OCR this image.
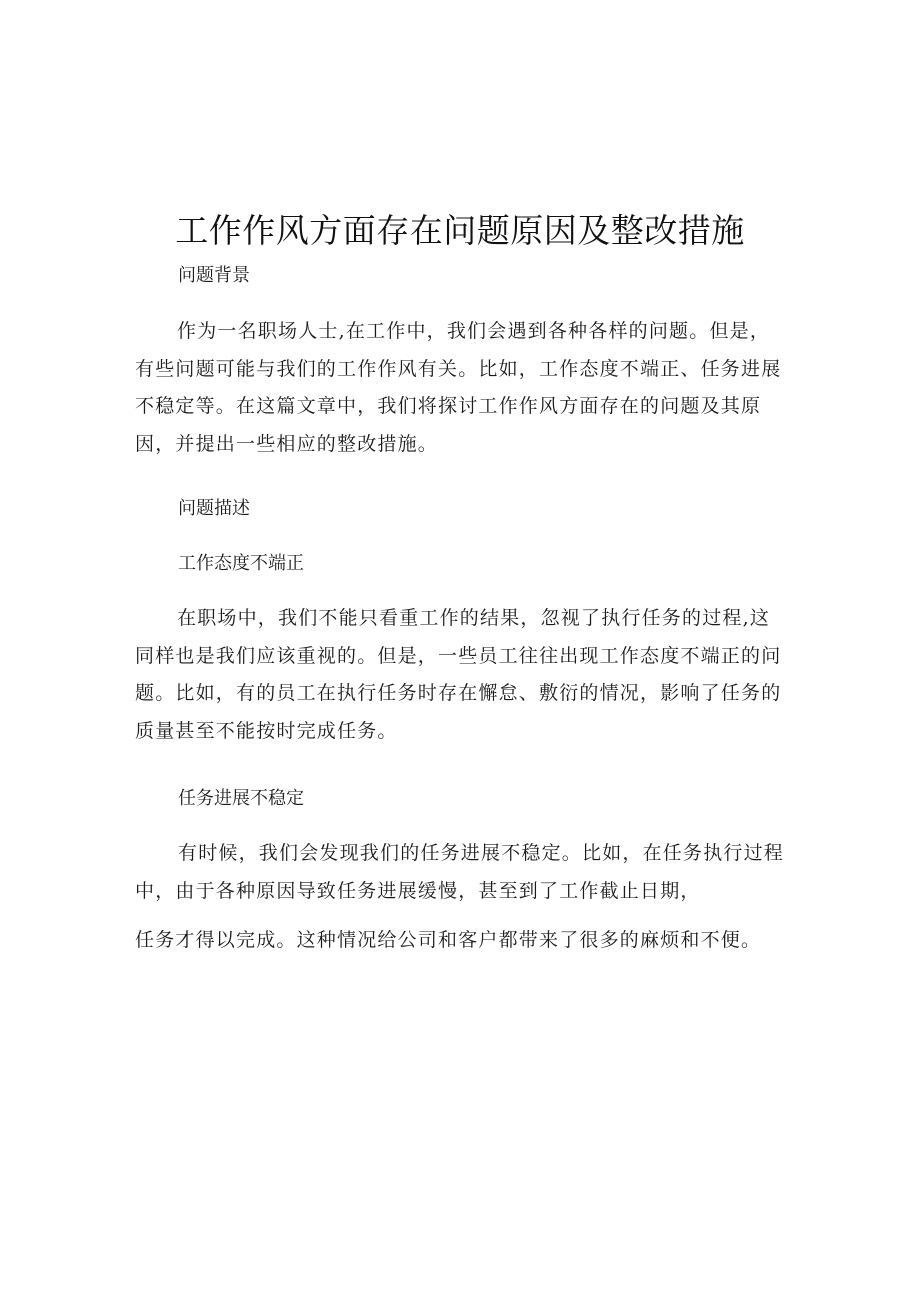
工作作风方面存在问题原因及整改措施

问题背景

作为一名职场人士,在工作中，我们会遇到各种各样的问题。但是，有些问题可能与我们的工作作风有关。比如，工作态度不端正、任务进展不稳定等。在这篇文章中，我们将探讨工作作风方面存在的问题及其原因，并提出一些相应的整改措施。

问题描述

工作态度不端正

在职场中，我们不能只看重工作的结果，忽视了执行任务的过程,这同样也是我们应该重视的。但是，一些员工往往出现工作态度不端正的问题。比如，有的员工在执行任务时存在懈怠、敷衍的情况，影响了任务的质量甚至不能按时完成任务。

任务进展不稳定

有时候，我们会发现我们的任务进展不稳定。比如，在任务执行过程

中，由于各种原因导致任务进展缓慢，甚至到了工作截止日期，

任务才得以完成。这种情况给公司和客户都带来了很多的麻烦和不便。
